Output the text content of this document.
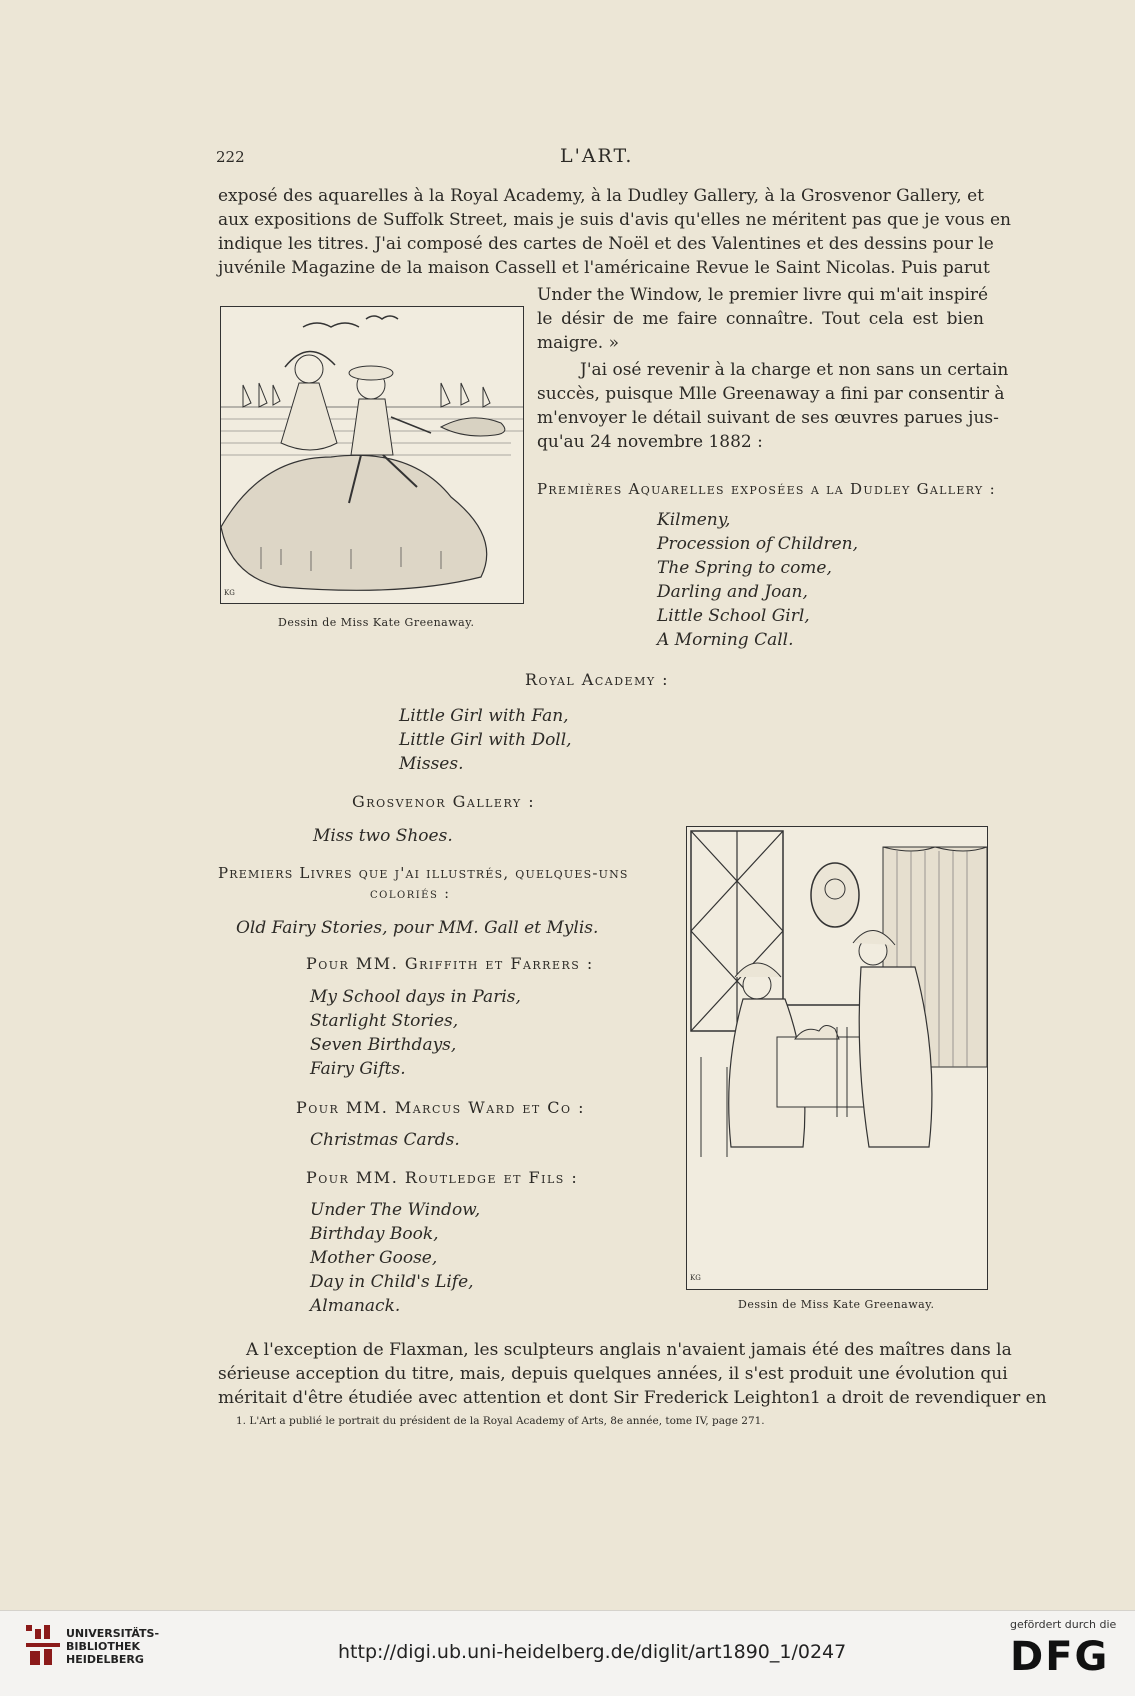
222	L'ART.
exposé des aquarelles à la Royal Academy, à la Dudley Gallery, à la Grosvenor Gallery, et
aux expositions de Suffolk Street, mais je suis d'avis qu'elles ne méritent pas que je vous en
indique les titres. J'ai composé des cartes de Noël et des Valentines et des dessins pour le
juvénile Magazine de la maison Cassell et l'américaine Revue le Saint Nicolas. Puis parut
Under the Window, le premier livre qui m'ait inspiré
le désir de me faire connaître. Tout cela est bien
maigre. »
J'ai osé revenir à la charge et non sans un certain
succès, puisque Mlle Greenaway a fini par consentir à
m'envoyer le détail suivant de ses œuvres parues jus-
qu'au 24 novembre 1882 :
KG
Dessin de Miss Kate Greenaway.
Premières Aquarelles exposées a la Dudley Gallery :
Kilmeny,
Procession of Children,
The Spring to come,
Darling and Joan,
Little School Girl,
A Morning Call.
Royal Academy :
Little Girl with Fan,
Little Girl with Doll,
Misses.
Grosvenor Gallery :
Miss two Shoes.
Premiers Livres que j'ai illustrés, quelques-uns
coloriés :
Old Fairy Stories, pour MM. Gall et Mylis.
Pour MM. Griffith et Farrers :
My School days in Paris,
Starlight Stories,
Seven Birthdays,
Fairy Gifts.
Pour MM. Marcus Ward et Co :
Christmas Cards.
Pour MM. Routledge et Fils :
Under The Window,
Birthday Book,
Mother Goose,
Day in Child's Life,
Almanack.
KG
Dessin de Miss Kate Greenaway.
A l'exception de Flaxman, les sculpteurs anglais n'avaient jamais été des maîtres dans la
sérieuse acception du titre, mais, depuis quelques années, il s'est produit une évolution qui
méritait d'être étudiée avec attention et dont Sir Frederick Leighton1 a droit de revendiquer en
1. L'Art a publié le portrait du président de la Royal Academy of Arts, 8e année, tome IV, page 271.
UNIVERSITÄTS-
BIBLIOTHEK
HEIDELBERG	http://digi.ub.uni-heidelberg.de/diglit/art1890_1/0247
gefördert durch die
DFG
